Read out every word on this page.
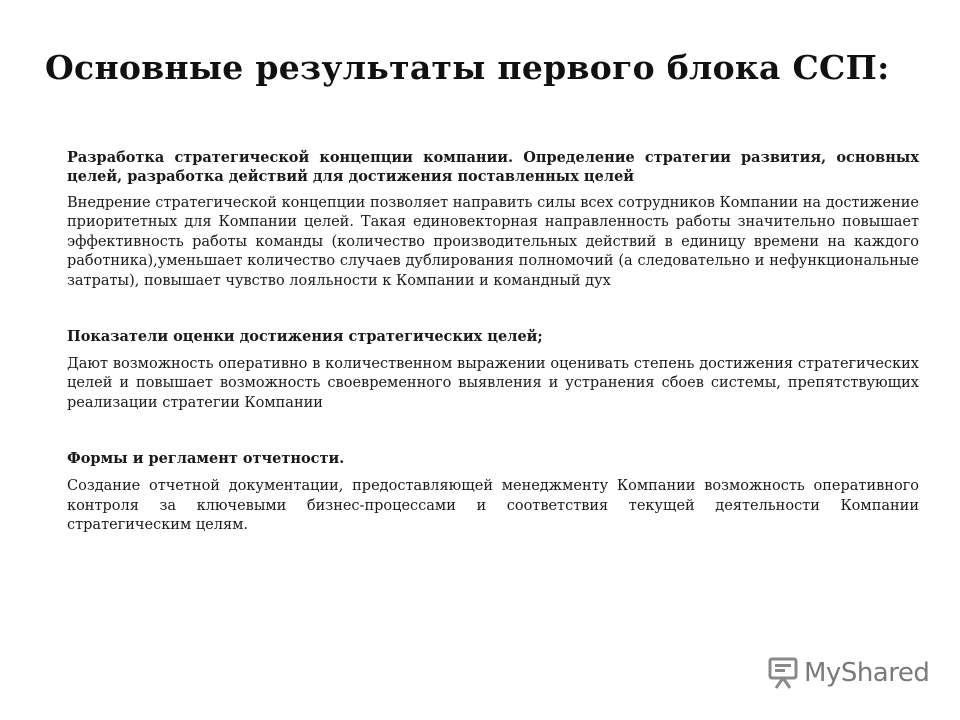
Основные результаты первого блока ССП:

Разработка стратегической концепции компании. Определение стратегии развития, основных целей, разработка действий для достижения поставленных целей

Внедрение стратегической концепции позволяет направить силы всех сотрудников Компании на достижение приоритетных для Компании целей. Такая единовекторная направленность работы значительно повышает эффективность работы команды (количество производительных действий в единицу времени на каждого работника),уменьшает количество случаев дублирования полномочий (а следовательно и нефункциональные затраты), повышает чувство лояльности к Компании и командный дух

Показатели оценки достижения стратегических целей;

Дают возможность оперативно в количественном выражении оценивать степень достижения стратегических целей и повышает возможность своевременного выявления и устранения сбоев системы, препятствующих реализации стратегии Компании

Формы и регламент отчетности.

Создание отчетной документации, предоставляющей менеджменту Компании возможность оперативного контроля за ключевыми бизнес-процессами и соответствия текущей деятельности Компании стратегическим целям.

MyShared
